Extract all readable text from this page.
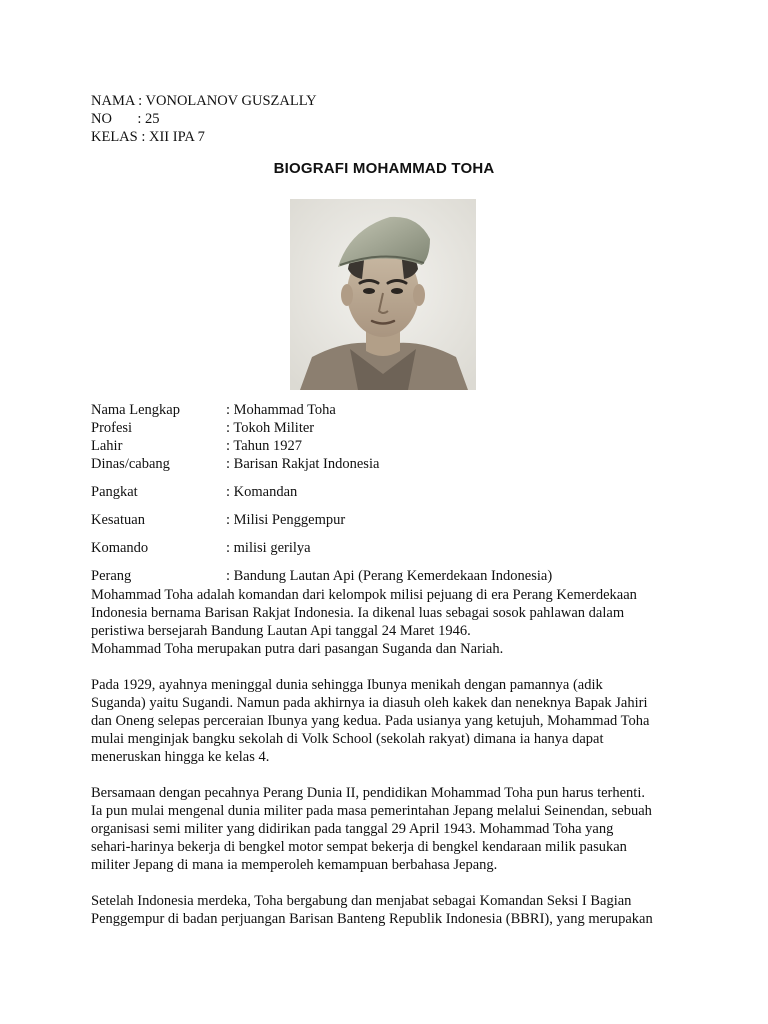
NAMA : VONOLANOV GUSZALLY
NO       : 25
KELAS : XII IPA 7
BIOGRAFI MOHAMMAD TOHA
Nama Lengkap	: Mohammad Toha
Profesi	: Tokoh Militer
Lahir	: Tahun 1927
Dinas/cabang	: Barisan Rakjat Indonesia
Pangkat	: Komandan
Kesatuan	: Milisi Penggempur
Komando	: milisi gerilya
Perang	: Bandung Lautan Api (Perang Kemerdekaan Indonesia)

Mohammad Toha adalah komandan dari kelompok milisi pejuang di era Perang Kemerdekaan
Indonesia bernama Barisan Rakjat Indonesia. Ia dikenal luas sebagai sosok pahlawan dalam
peristiwa bersejarah Bandung Lautan Api tanggal 24 Maret 1946.
Mohammad Toha merupakan putra dari pasangan Suganda dan Nariah.

Pada 1929, ayahnya meninggal dunia sehingga Ibunya menikah dengan pamannya (adik
Suganda) yaitu Sugandi. Namun pada akhirnya ia diasuh oleh kakek dan neneknya Bapak Jahiri
dan Oneng selepas perceraian Ibunya yang kedua. Pada usianya yang ketujuh, Mohammad Toha
mulai menginjak bangku sekolah di Volk School (sekolah rakyat) dimana ia hanya dapat
meneruskan hingga ke kelas 4.

Bersamaan dengan pecahnya Perang Dunia II, pendidikan Mohammad Toha pun harus terhenti.
Ia pun mulai mengenal dunia militer pada masa pemerintahan Jepang melalui Seinendan, sebuah
organisasi semi militer yang didirikan pada tanggal 29 April 1943. Mohammad Toha yang
sehari-harinya bekerja di bengkel motor sempat bekerja di bengkel kendaraan milik pasukan
militer Jepang di mana ia memperoleh kemampuan berbahasa Jepang.

Setelah Indonesia merdeka, Toha bergabung dan menjabat sebagai Komandan Seksi I Bagian
Penggempur di badan perjuangan Barisan Banteng Republik Indonesia (BBRI), yang merupakan
